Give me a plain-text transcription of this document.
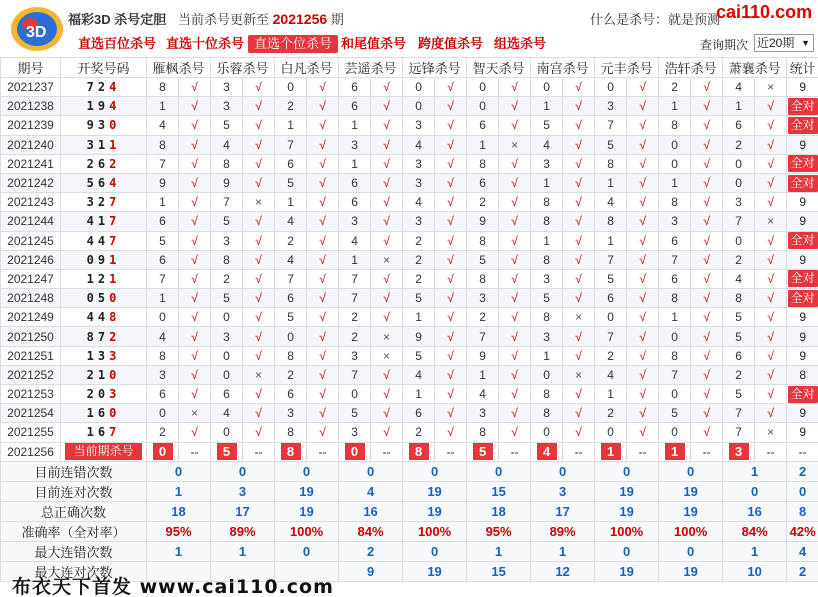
3D
福彩3D 杀号定胆 当前杀号更新至 2021256 期	什么是杀号：就是预测
cai110.com
直选百位杀号 直选十位杀号 直选个位杀号 和尾值杀号 跨度值杀号 组选杀号	查询期次 近20期 ▼
期号	开奖号码	雁枫杀号		乐蓉杀号		白凡杀号		芸遥杀号		远锋杀号		智天杀号		南宫杀号		元丰杀号		浩轩杀号		萧襄杀号		统计
2021237	724	8	√	3	√	0	√	6	√	0	√	0	√	0	√	0	√	2	√	4	×	9
2021238	194	1	√	3	√	2	√	6	√	0	√	0	√	1	√	3	√	1	√	1	√	全对
2021239	930	4	√	5	√	1	√	1	√	3	√	6	√	5	√	7	√	8	√	6	√	全对
2021240	311	8	√	4	√	7	√	3	√	4	√	1	×	4	√	5	√	0	√	2	√	9
2021241	262	7	√	8	√	6	√	1	√	3	√	8	√	3	√	8	√	0	√	0	√	全对
2021242	564	9	√	9	√	5	√	6	√	3	√	6	√	1	√	1	√	1	√	0	√	全对
2021243	327	1	√	7	×	1	√	6	√	4	√	2	√	8	√	4	√	8	√	3	√	9
2021244	417	6	√	5	√	4	√	3	√	3	√	9	√	8	√	8	√	3	√	7	×	9
2021245	447	5	√	3	√	2	√	4	√	2	√	8	√	1	√	1	√	6	√	0	√	全对
2021246	091	6	√	8	√	4	√	1	×	2	√	5	√	8	√	7	√	7	√	2	√	9
2021247	121	7	√	2	√	7	√	7	√	2	√	8	√	3	√	5	√	6	√	4	√	全对
2021248	050	1	√	5	√	6	√	7	√	5	√	3	√	5	√	6	√	8	√	8	√	全对
2021249	448	0	√	0	√	5	√	2	√	1	√	2	√	8	×	0	√	1	√	5	√	9
2021250	872	4	√	3	√	0	√	2	×	9	√	7	√	3	√	7	√	0	√	5	√	9
2021251	133	8	√	0	√	8	√	3	×	5	√	9	√	1	√	2	√	8	√	6	√	9
2021252	210	3	√	0	×	2	√	7	√	4	√	1	√	0	×	4	√	7	√	2	√	8
2021253	203	6	√	6	√	6	√	0	√	1	√	4	√	8	√	1	√	0	√	5	√	全对
2021254	160	0	×	4	√	3	√	5	√	6	√	3	√	8	√	2	√	5	√	7	√	9
2021255	167	2	√	0	√	8	√	3	√	2	√	8	√	0	√	0	√	0	√	7	×	9
2021256	当前期杀号	0	--	5	--	8	--	0	--	8	--	5	--	4	--	1	--	1	--	3	--	--
目前连错次数		0		0		0		0		0		0		0		0		0		1		2
目前连对次数		1		3		19		4		19		15		3		19		19		0		0
总正确次数		18		17		19		16		19		18		17		19		19		16		8
准确率（全对率）		95%		89%		100%		84%		100%		95%		89%		100%		100%		84%		42%
最大连错次数		1		1		0		2		0		1		1		0		0		1		4
最大连对次数								9		19		15		12		19		19		10		2
布衣天下首发 www.cai110.com
